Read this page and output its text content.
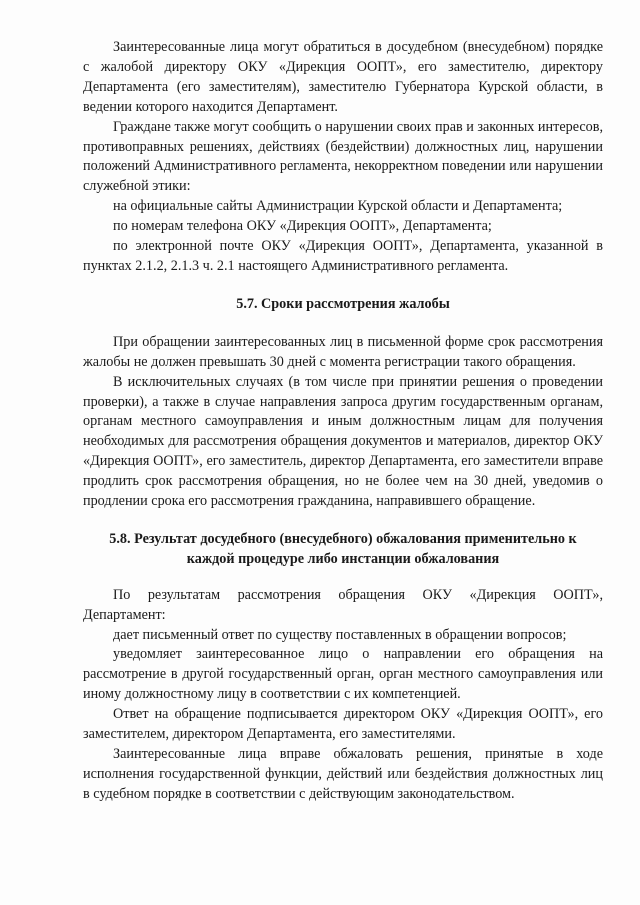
Заинтересованные лица могут обратиться в досудебном (внесудебном) порядке с жалобой директору ОКУ «Дирекция ООПТ», его заместителю, директору Департамента (его заместителям), заместителю Губернатора Курской области, в ведении которого находится Департамент.

Граждане также могут сообщить о нарушении своих прав и законных интересов, противоправных решениях, действиях (бездействии) должностных лиц, нарушении положений Административного регламента, некорректном поведении или нарушении служебной этики:

на официальные сайты Администрации Курской области и Департамента;

по номерам телефона ОКУ «Дирекция ООПТ», Департамента;

по электронной почте ОКУ «Дирекция ООПТ», Департамента, указанной в пунктах 2.1.2, 2.1.3 ч. 2.1 настоящего Административного регламента.

5.7. Сроки рассмотрения жалобы

При обращении заинтересованных лиц в письменной форме срок рассмотрения жалобы не должен превышать 30 дней с момента регистрации такого обращения.

В исключительных случаях (в том числе при принятии решения о проведении проверки), а также в случае направления запроса другим государственным органам, органам местного самоуправления и иным должностным лицам для получения необходимых для рассмотрения обращения документов и материалов, директор ОКУ «Дирекция ООПТ», его заместитель, директор Департамента, его заместители вправе продлить срок рассмотрения обращения, но не более чем на 30 дней, уведомив о продлении срока его рассмотрения гражданина, направившего обращение.

5.8. Результат досудебного (внесудебного) обжалования применительно к
каждой процедуре либо инстанции обжалования

По результатам рассмотрения обращения ОКУ «Дирекция ООПТ», Департамент:

дает письменный ответ по существу поставленных в обращении вопросов;

уведомляет заинтересованное лицо о направлении его обращения на рассмотрение в другой государственный орган, орган местного самоуправления или иному должностному лицу в соответствии с их компетенцией.

Ответ на обращение подписывается директором ОКУ «Дирекция ООПТ», его заместителем, директором Департамента, его заместителями.

Заинтересованные лица вправе обжаловать решения, принятые в ходе исполнения государственной функции, действий или бездействия должностных лиц в судебном порядке в соответствии с действующим законодательством.
